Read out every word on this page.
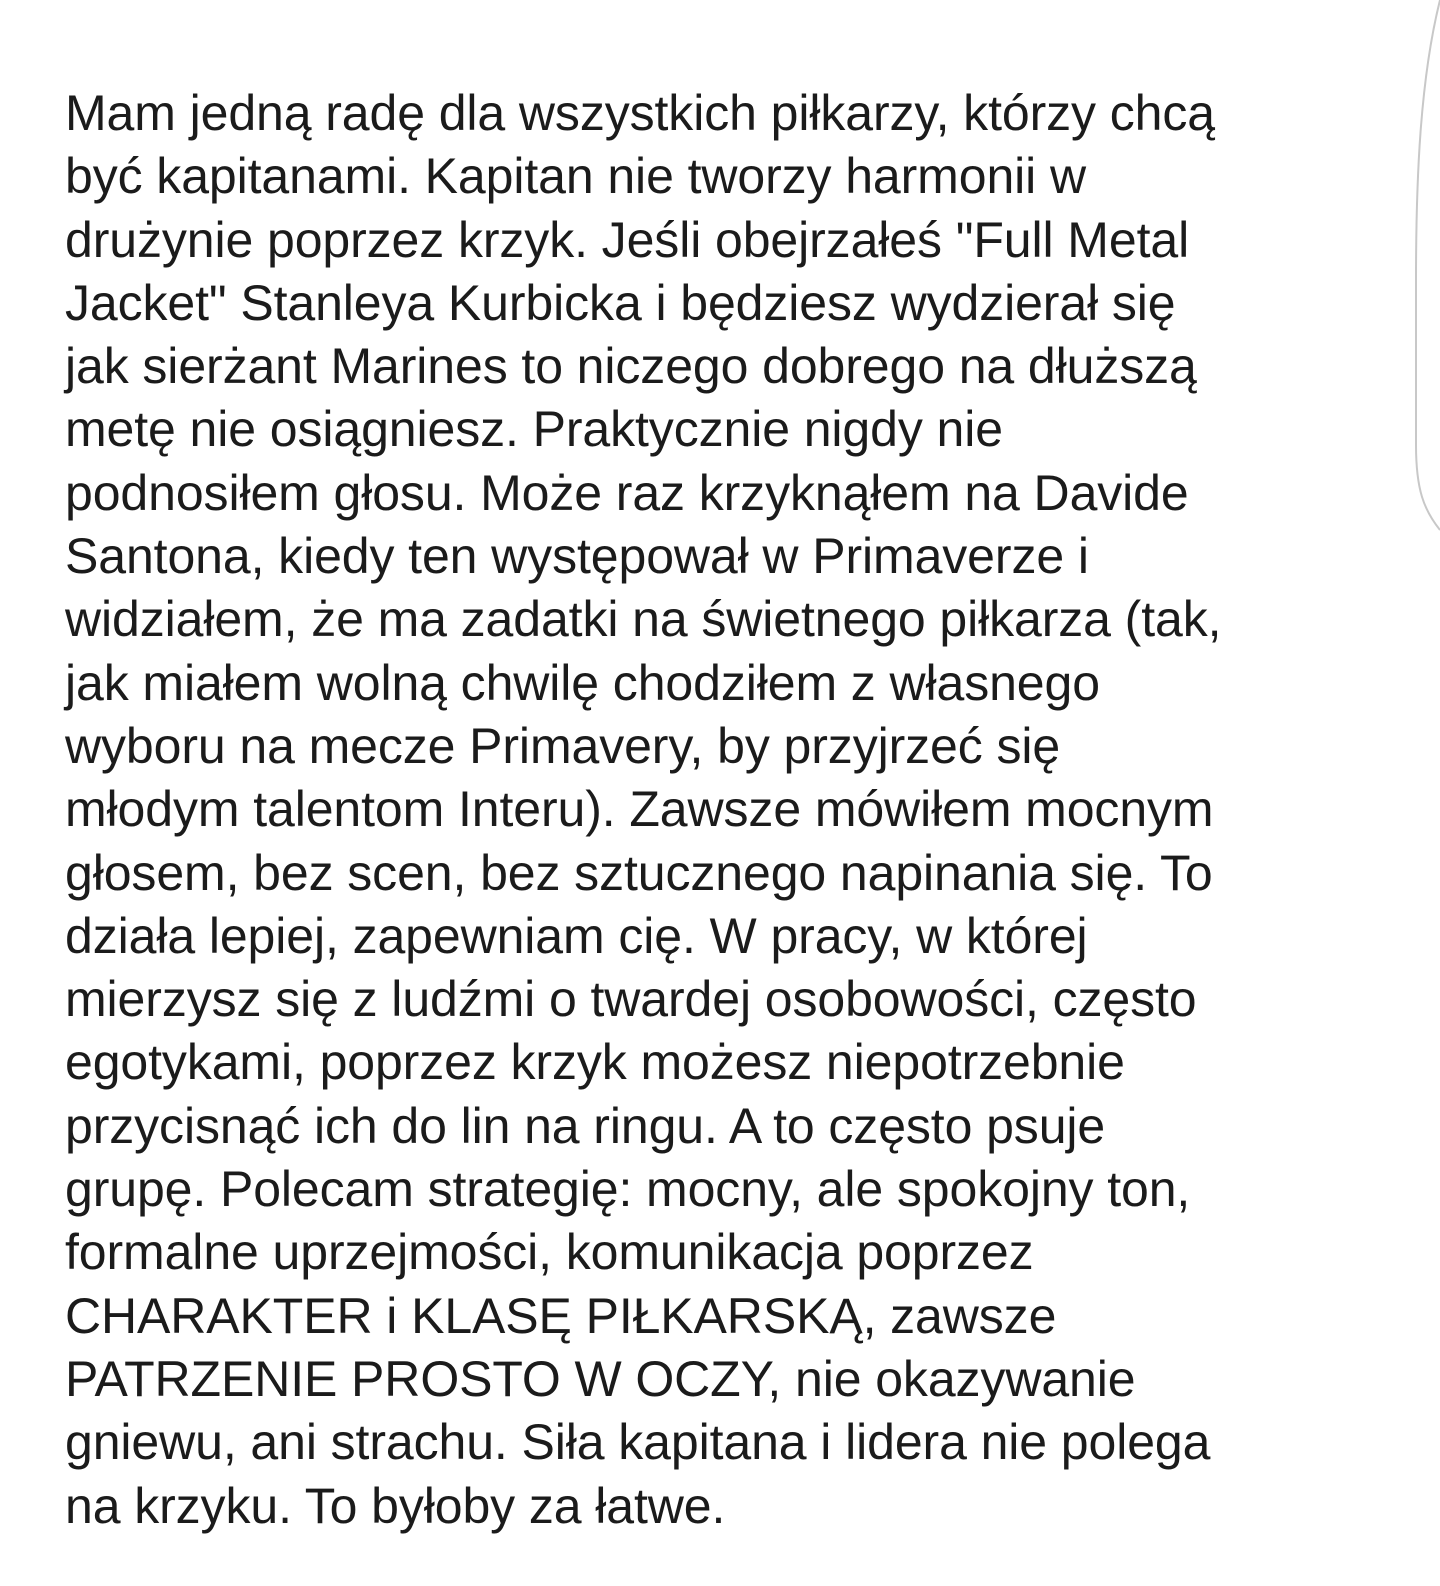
Mam jedną radę dla wszystkich piłkarzy, którzy chcą
być kapitanami. Kapitan nie tworzy harmonii w
drużynie poprzez krzyk. Jeśli obejrzałeś "Full Metal
Jacket" Stanleya Kurbicka i będziesz wydzierał się
jak sierżant Marines to niczego dobrego na dłuższą
metę nie osiągniesz. Praktycznie nigdy nie
podnosiłem głosu. Może raz krzyknąłem na Davide
Santona, kiedy ten występował w Primaverze i
widziałem, że ma zadatki na świetnego piłkarza (tak,
jak miałem wolną chwilę chodziłem z własnego
wyboru na mecze Primavery, by przyjrzeć się
młodym talentom Interu). Zawsze mówiłem mocnym
głosem, bez scen, bez sztucznego napinania się. To
działa lepiej, zapewniam cię. W pracy, w której
mierzysz się z ludźmi o twardej osobowości, często
egotykami, poprzez krzyk możesz niepotrzebnie
przycisnąć ich do lin na ringu. A to często psuje
grupę. Polecam strategię: mocny, ale spokojny ton,
formalne uprzejmości, komunikacja poprzez
CHARAKTER i KLASĘ PIŁKARSKĄ, zawsze
PATRZENIE PROSTO W OCZY, nie okazywanie
gniewu, ani strachu. Siła kapitana i lidera nie polega
na krzyku. To byłoby za łatwe.
